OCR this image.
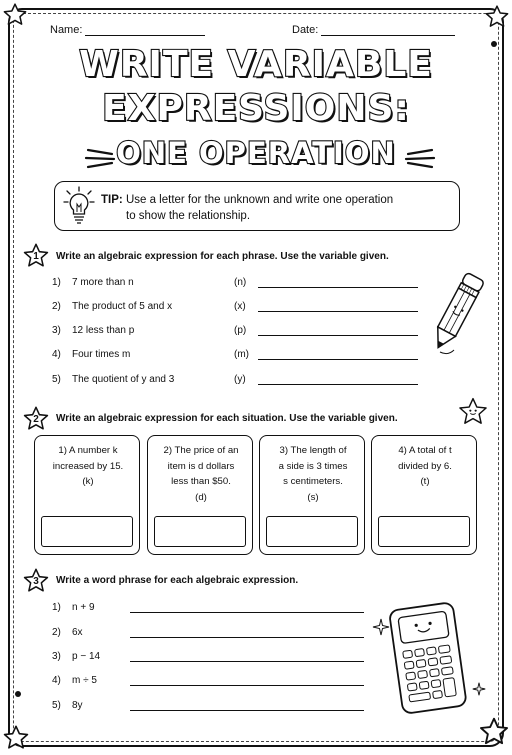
Name:	Date:
WRITE VARIABLE
EXPRESSIONS:
ONE OPERATION
TIP: Use a letter for the unknown and write one operation
to show the relationship.
1	Write an algebraic expression for each phrase. Use the variable given.
1) 7 more than n	(n)
2) The product of 5 and x	(x)
3) 12 less than p	(p)
4) Four times m	(m)
5) The quotient of y and 3	(y)
2	Write an algebraic expression for each situation. Use the variable given.
1) A number k
increased by 15.
(k)
2) The price of an
item is d dollars
less than $50.
(d)
3) The length of
a side is 3 times
s centimeters.
(s)
4) A total of t
divided by 6.
(t)
3	Write a word phrase for each algebraic expression.
1) n + 9
2) 6x
3) p − 14
4) m ÷ 5
5) 8y
